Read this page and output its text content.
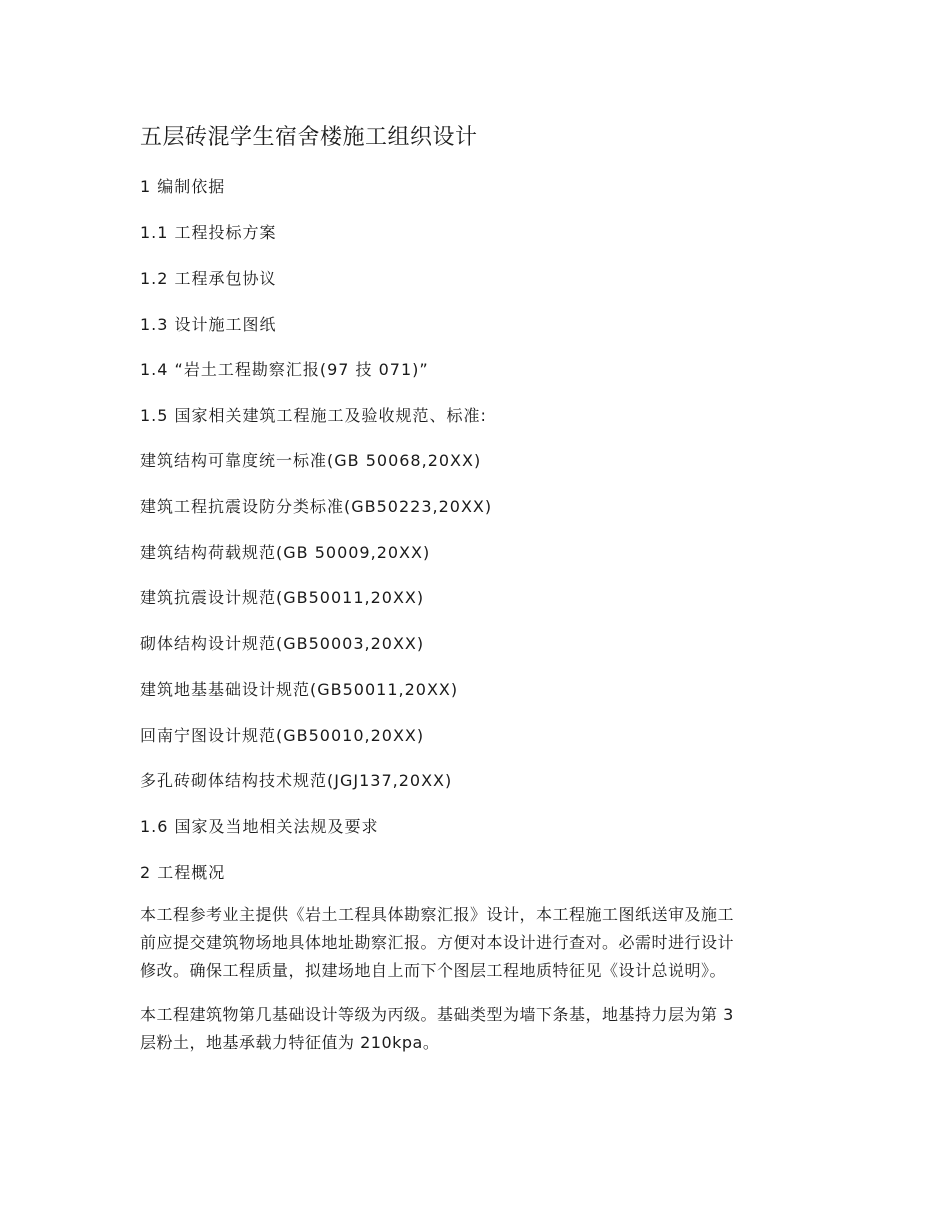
五层砖混学生宿舍楼施工组织设计
1 编制依据
1.1 工程投标方案
1.2 工程承包协议
1.3 设计施工图纸
1.4 “岩土工程勘察汇报(97 技 071)”
1.5 国家相关建筑工程施工及验收规范、标准:
建筑结构可靠度统一标准(GB 50068,20XX)
建筑工程抗震设防分类标准(GB50223,20XX)
建筑结构荷载规范(GB 50009,20XX)
建筑抗震设计规范(GB50011,20XX)
砌体结构设计规范(GB50003,20XX)
建筑地基基础设计规范(GB50011,20XX)
回南宁图设计规范(GB50010,20XX)
多孔砖砌体结构技术规范(JGJ137,20XX)
1.6 国家及当地相关法规及要求
2 工程概况
本工程参考业主提供《岩土工程具体勘察汇报》设计，本工程施工图纸送审及施工
前应提交建筑物场地具体地址勘察汇报。方便对本设计进行查对。必需时进行设计
修改。确保工程质量，拟建场地自上而下个图层工程地质特征见《设计总说明》。
本工程建筑物第几基础设计等级为丙级。基础类型为墙下条基，地基持力层为第 3
层粉土，地基承载力特征值为 210kpa。
